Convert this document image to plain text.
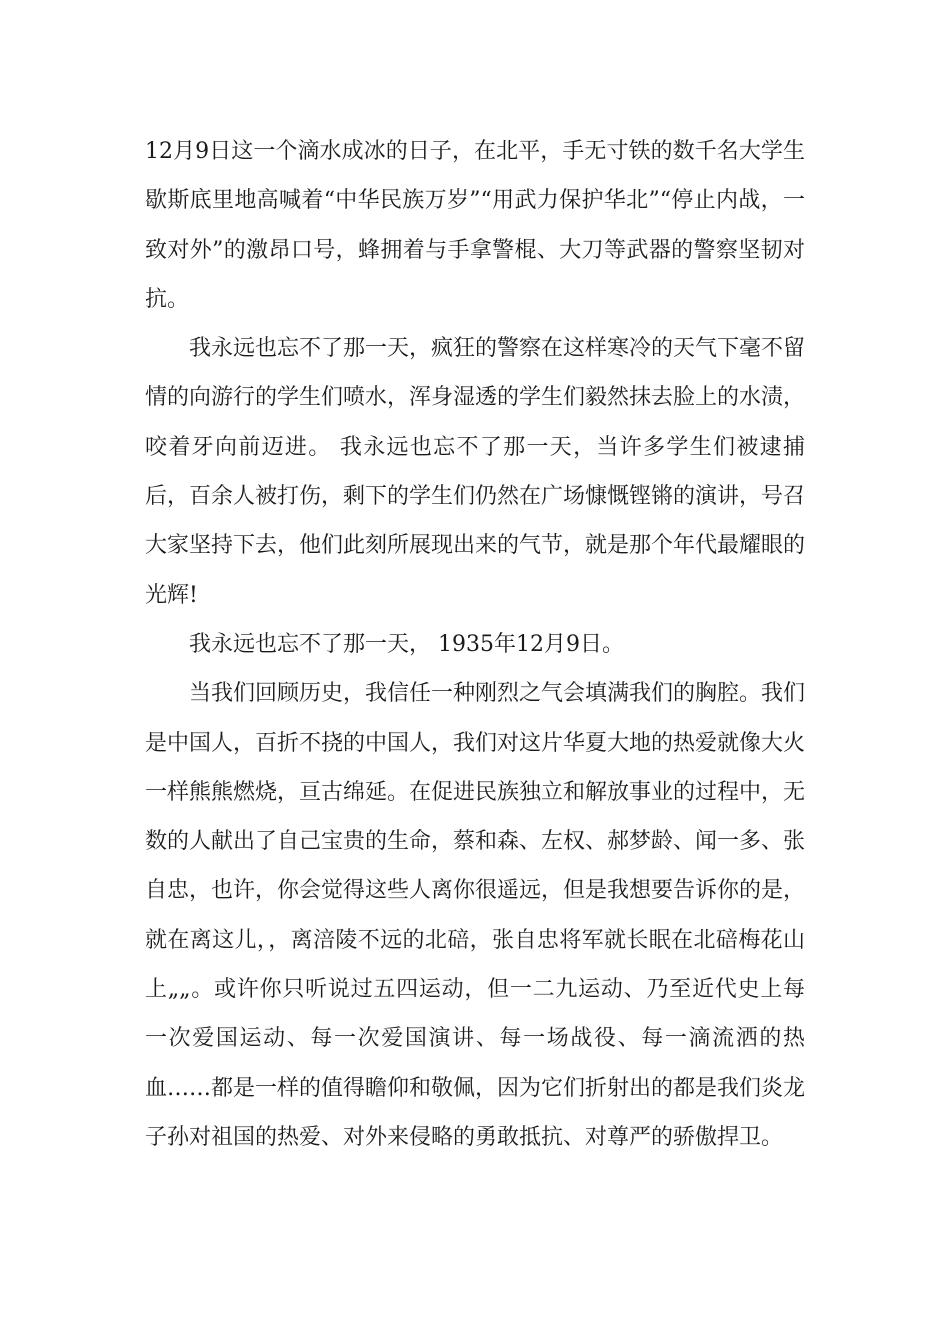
12月9日这一个滴水成冰的日子，在北平，手无寸铁的数千名大学生歇斯底里地高喊着“中华民族万岁”“用武力保护华北”“停止内战，一致对外”的激昂口号，蜂拥着与手拿警棍、大刀等武器的警察坚韧对抗。

我永远也忘不了那一天，疯狂的警察在这样寒冷的天气下毫不留情的向游行的学生们喷水，浑身湿透的学生们毅然抹去脸上的水渍，咬着牙向前迈进。 我永远也忘不了那一天，当许多学生们被逮捕后，百余人被打伤，剩下的学生们仍然在广场慷慨铿锵的演讲，号召大家坚持下去，他们此刻所展现出来的气节，就是那个年代最耀眼的光辉!

我永远也忘不了那一天， 1935年12月9日。

当我们回顾历史，我信任一种刚烈之气会填满我们的胸腔。我们是中国人，百折不挠的中国人，我们对这片华夏大地的热爱就像大火一样熊熊燃烧，亘古绵延。在促进民族独立和解放事业的过程中，无数的人献出了自己宝贵的生命，蔡和森、左权、郝梦龄、闻一多、张自忠，也许，你会觉得这些人离你很遥远，但是我想要告诉你的是，就在离这儿，，离涪陵不远的北碚，张自忠将军就长眠在北碚梅花山上„„。或许你只听说过五四运动，但一二九运动、乃至近代史上每一次爱国运动、每一次爱国演讲、每一场战役、每一滴流洒的热血……都是一样的值得瞻仰和敬佩，因为它们折射出的都是我们炎龙子孙对祖国的热爱、对外来侵略的勇敢抵抗、对尊严的骄傲捍卫。
